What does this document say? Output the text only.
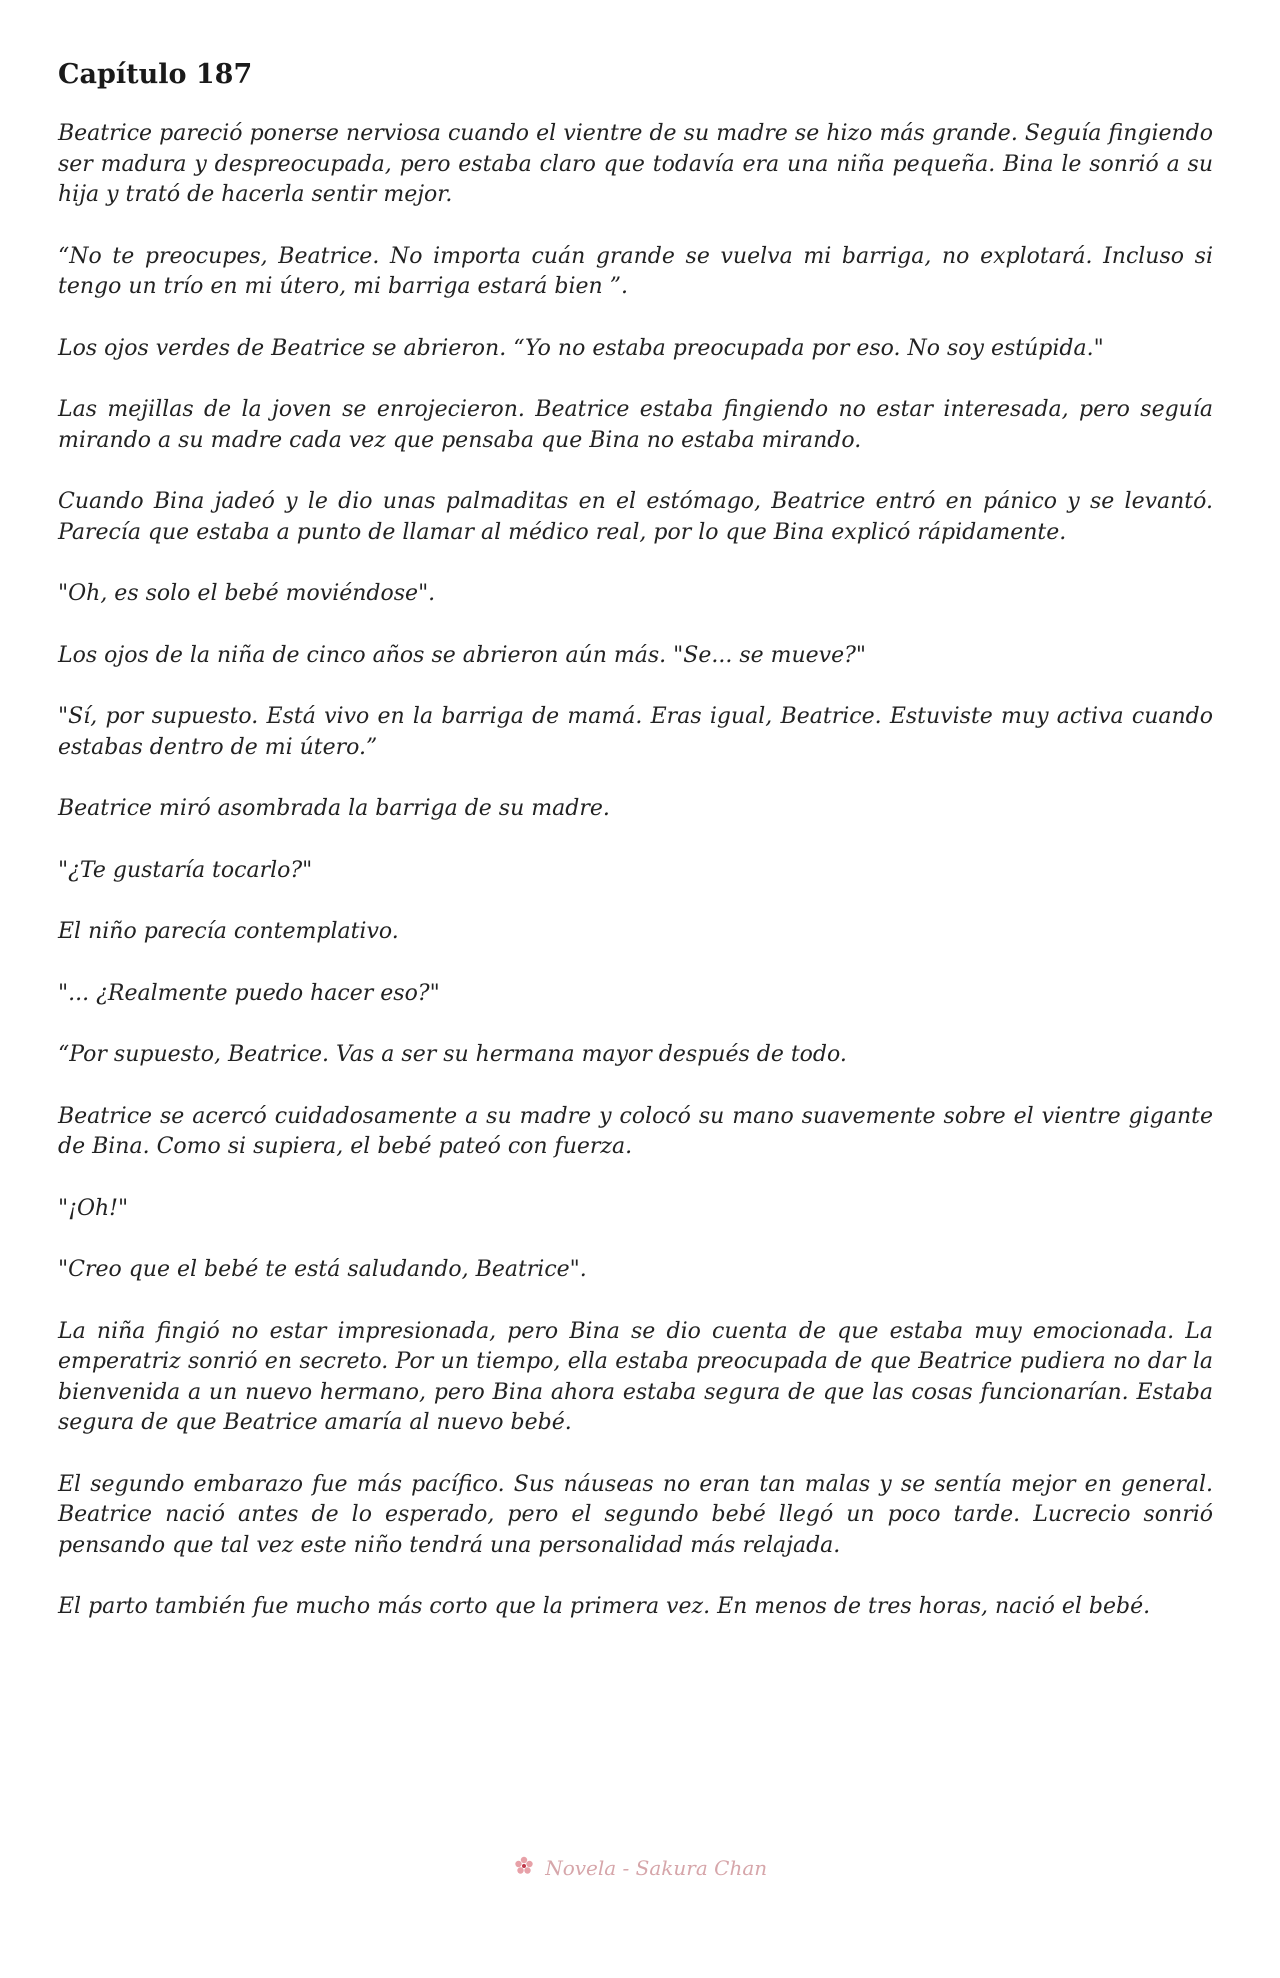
Capítulo 187

Beatrice pareció ponerse nerviosa cuando el vientre de su madre se hizo más grande. Seguía fingiendo ser madura y despreocupada, pero estaba claro que todavía era una niña pequeña. Bina le sonrió a su hija y trató de hacerla sentir mejor.

“No te preocupes, Beatrice. No importa cuán grande se vuelva mi barriga, no explotará. Incluso si tengo un trío en mi útero, mi barriga estará bien ”.

Los ojos verdes de Beatrice se abrieron. “Yo no estaba preocupada por eso. No soy estúpida."

Las mejillas de la joven se enrojecieron. Beatrice estaba fingiendo no estar interesada, pero seguía mirando a su madre cada vez que pensaba que Bina no estaba mirando.

Cuando Bina jadeó y le dio unas palmaditas en el estómago, Beatrice entró en pánico y se levantó. Parecía que estaba a punto de llamar al médico real, por lo que Bina explicó rápidamente.

"Oh, es solo el bebé moviéndose".

Los ojos de la niña de cinco años se abrieron aún más. "Se... se mueve?"

"Sí, por supuesto. Está vivo en la barriga de mamá. Eras igual, Beatrice. Estuviste muy activa cuando estabas dentro de mi útero.”

Beatrice miró asombrada la barriga de su madre.

"¿Te gustaría tocarlo?"

El niño parecía contemplativo.

"... ¿Realmente puedo hacer eso?"

“Por supuesto, Beatrice. Vas a ser su hermana mayor después de todo.

Beatrice se acercó cuidadosamente a su madre y colocó su mano suavemente sobre el vientre gigante de Bina. Como si supiera, el bebé pateó con fuerza.

"¡Oh!"

"Creo que el bebé te está saludando, Beatrice".

La niña fingió no estar impresionada, pero Bina se dio cuenta de que estaba muy emocionada. La emperatriz sonrió en secreto. Por un tiempo, ella estaba preocupada de que Beatrice pudiera no dar la bienvenida a un nuevo hermano, pero Bina ahora estaba segura de que las cosas funcionarían. Estaba segura de que Beatrice amaría al nuevo bebé.

El segundo embarazo fue más pacífico. Sus náuseas no eran tan malas y se sentía mejor en general. Beatrice nació antes de lo esperado, pero el segundo bebé llegó un poco tarde. Lucrecio sonrió pensando que tal vez este niño tendrá una personalidad más relajada.

El parto también fue mucho más corto que la primera vez. En menos de tres horas, nació el bebé.

Novela - Sakura Chan
